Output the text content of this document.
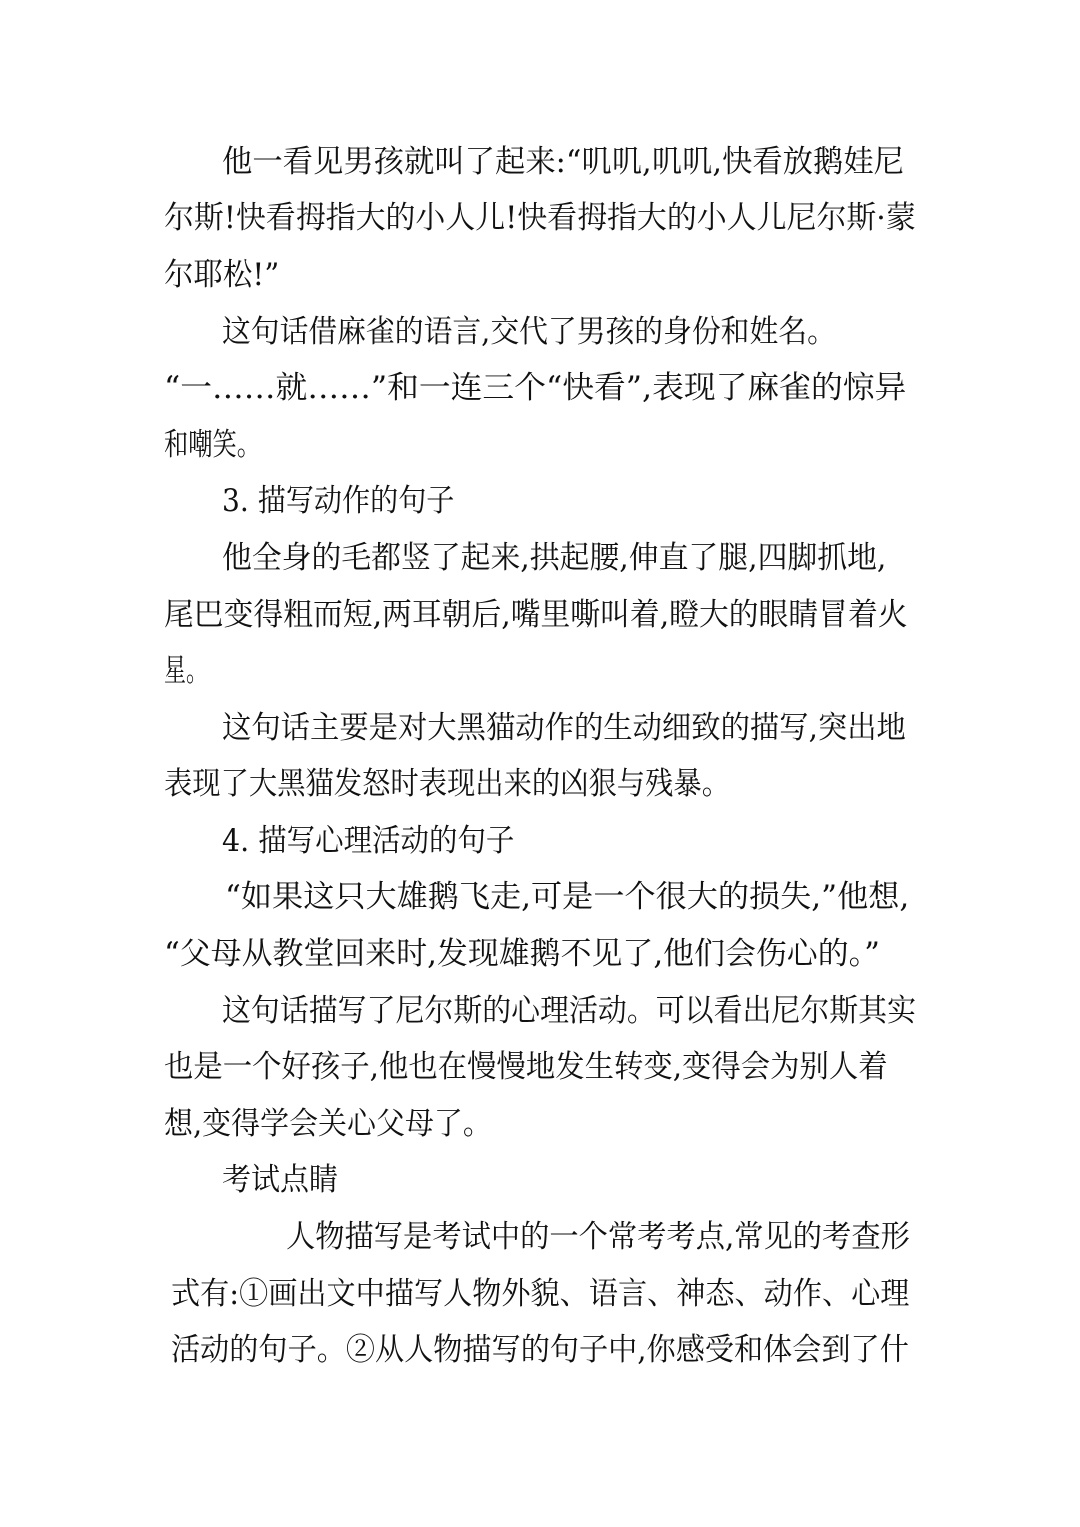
他一看见男孩就叫了起来:“叽叽,叽叽,快看放鹅娃尼
尔斯!快看拇指大的小人儿!快看拇指大的小人儿尼尔斯·蒙
尔耶松!”
这句话借麻雀的语言,交代了男孩的身份和姓名。
“一……就……”和一连三个“快看”,表现了麻雀的惊异
和嘲笑。
3. 描写动作的句子
他全身的毛都竖了起来,拱起腰,伸直了腿,四脚抓地,
尾巴变得粗而短,两耳朝后,嘴里嘶叫着,瞪大的眼睛冒着火
星。
这句话主要是对大黑猫动作的生动细致的描写,突出地
表现了大黑猫发怒时表现出来的凶狠与残暴。
4. 描写心理活动的句子
“如果这只大雄鹅飞走,可是一个很大的损失,”他想,
“父母从教堂回来时,发现雄鹅不见了,他们会伤心的。”
这句话描写了尼尔斯的心理活动。可以看出尼尔斯其实
也是一个好孩子,他也在慢慢地发生转变,变得会为别人着
想,变得学会关心父母了。
考试点睛
人物描写是考试中的一个常考考点,常见的考查形
式有:①画出文中描写人物外貌、语言、神态、动作、心理
活动的句子。②从人物描写的句子中,你感受和体会到了什
